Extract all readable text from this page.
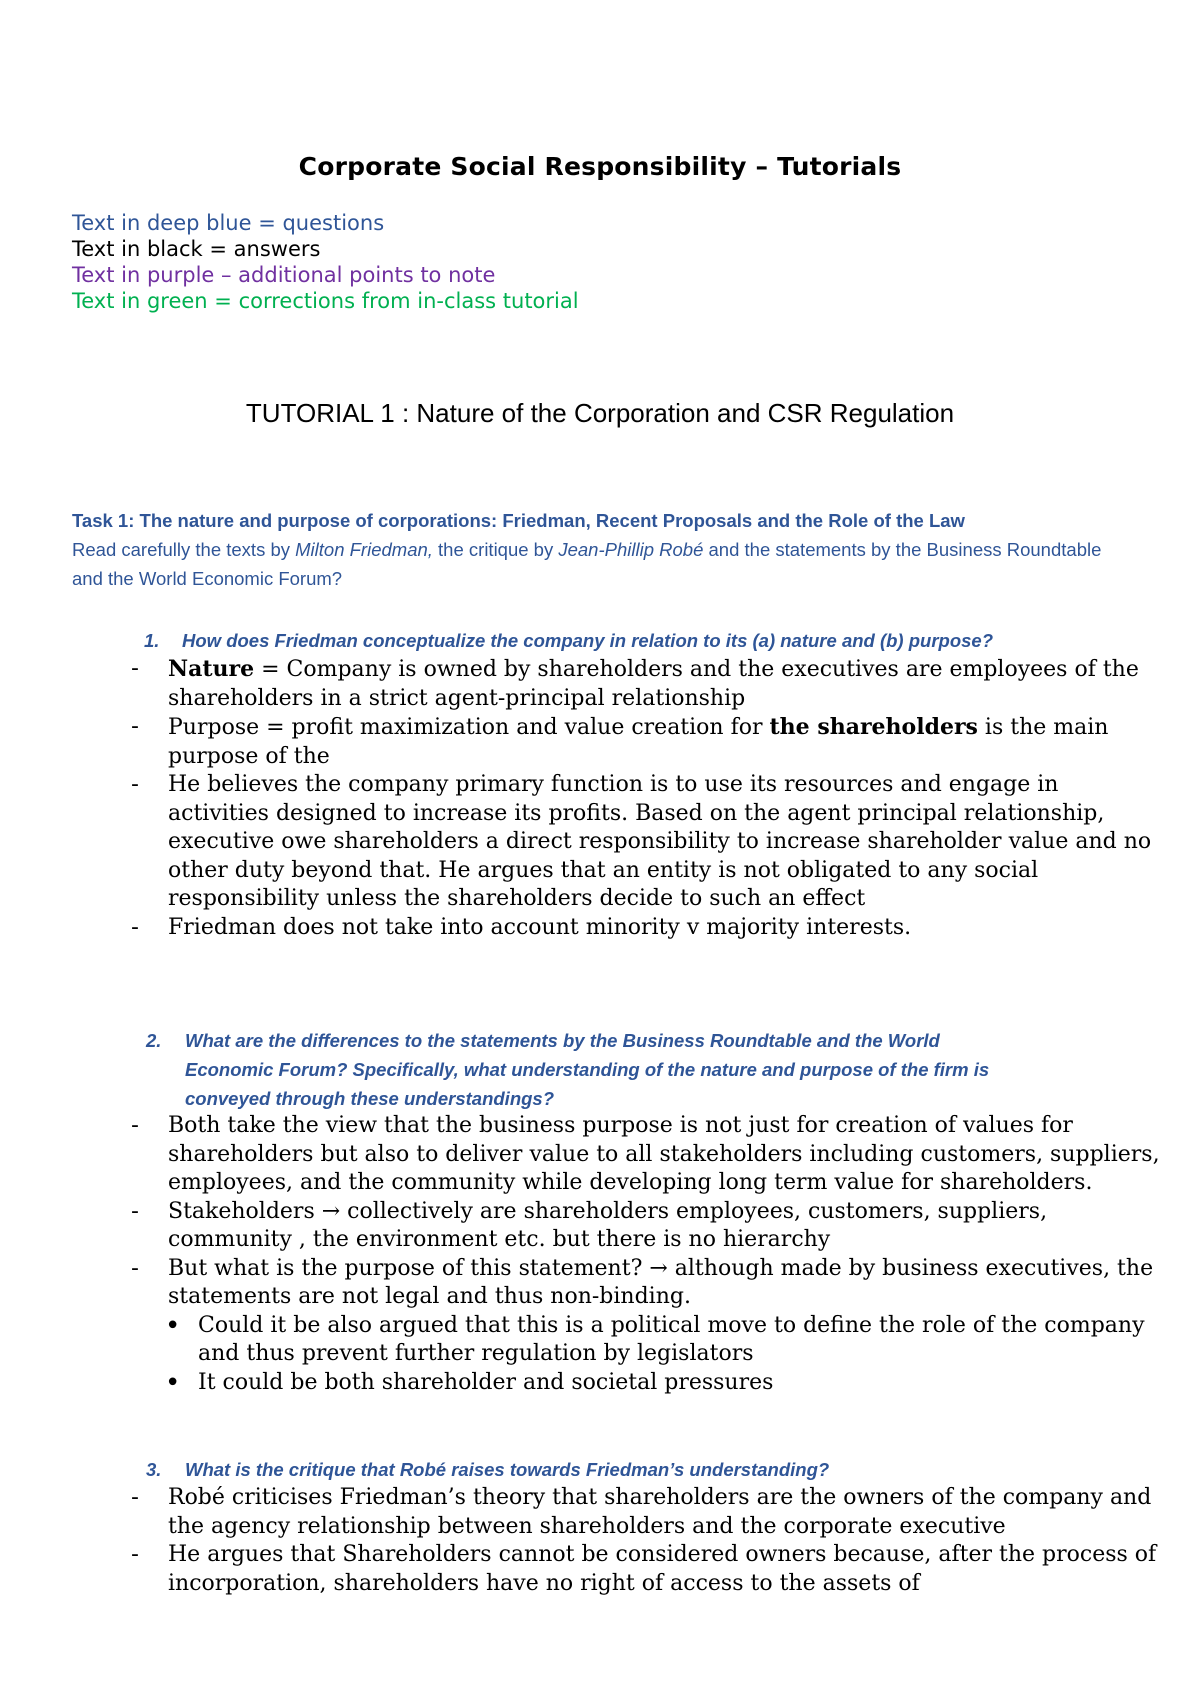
Corporate Social Responsibility – Tutorials
Text in deep blue = questions
Text in black = answers
Text in purple – additional points to note
Text in green = corrections from in-class tutorial
TUTORIAL 1 : Nature of the Corporation and CSR Regulation
Task 1: The nature and purpose of corporations: Friedman, Recent Proposals and the Role of the Law
Read carefully the texts by Milton Friedman, the critique by Jean-Phillip Robé and the statements by the Business Roundtable and the World Economic Forum?
1. How does Friedman conceptualize the company in relation to its (a) nature and (b) purpose?
- Nature = Company is owned by shareholders and the executives are employees of the shareholders in a strict agent-principal relationship
- Purpose = profit maximization and value creation for the shareholders is the main purpose of the
- He believes the company primary function is to use its resources and engage in activities designed to increase its profits. Based on the agent principal relationship, executive owe shareholders a direct responsibility to increase shareholder value and no other duty beyond that. He argues that an entity is not obligated to any social responsibility unless the shareholders decide to such an effect
- Friedman does not take into account minority v majority interests.
2. What are the differences to the statements by the Business Roundtable and the World
Economic Forum? Specifically, what understanding of the nature and purpose of the firm is
conveyed through these understandings?
- Both take the view that the business purpose is not just for creation of values for shareholders but also to deliver value to all stakeholders including customers, suppliers, employees, and the community while developing long term value for shareholders.
- Stakeholders → collectively are shareholders employees, customers, suppliers, community , the environment etc. but there is no hierarchy
- But what is the purpose of this statement? → although made by business executives, the statements are not legal and thus non-binding.
• Could it be also argued that this is a political move to define the role of the company and thus prevent further regulation by legislators
• It could be both shareholder and societal pressures
3. What is the critique that Robé raises towards Friedman’s understanding?
- Robé criticises Friedman’s theory that shareholders are the owners of the company and the agency relationship between shareholders and the corporate executive
- He argues that Shareholders cannot be considered owners because, after the process of incorporation, shareholders have no right of access to the assets of
